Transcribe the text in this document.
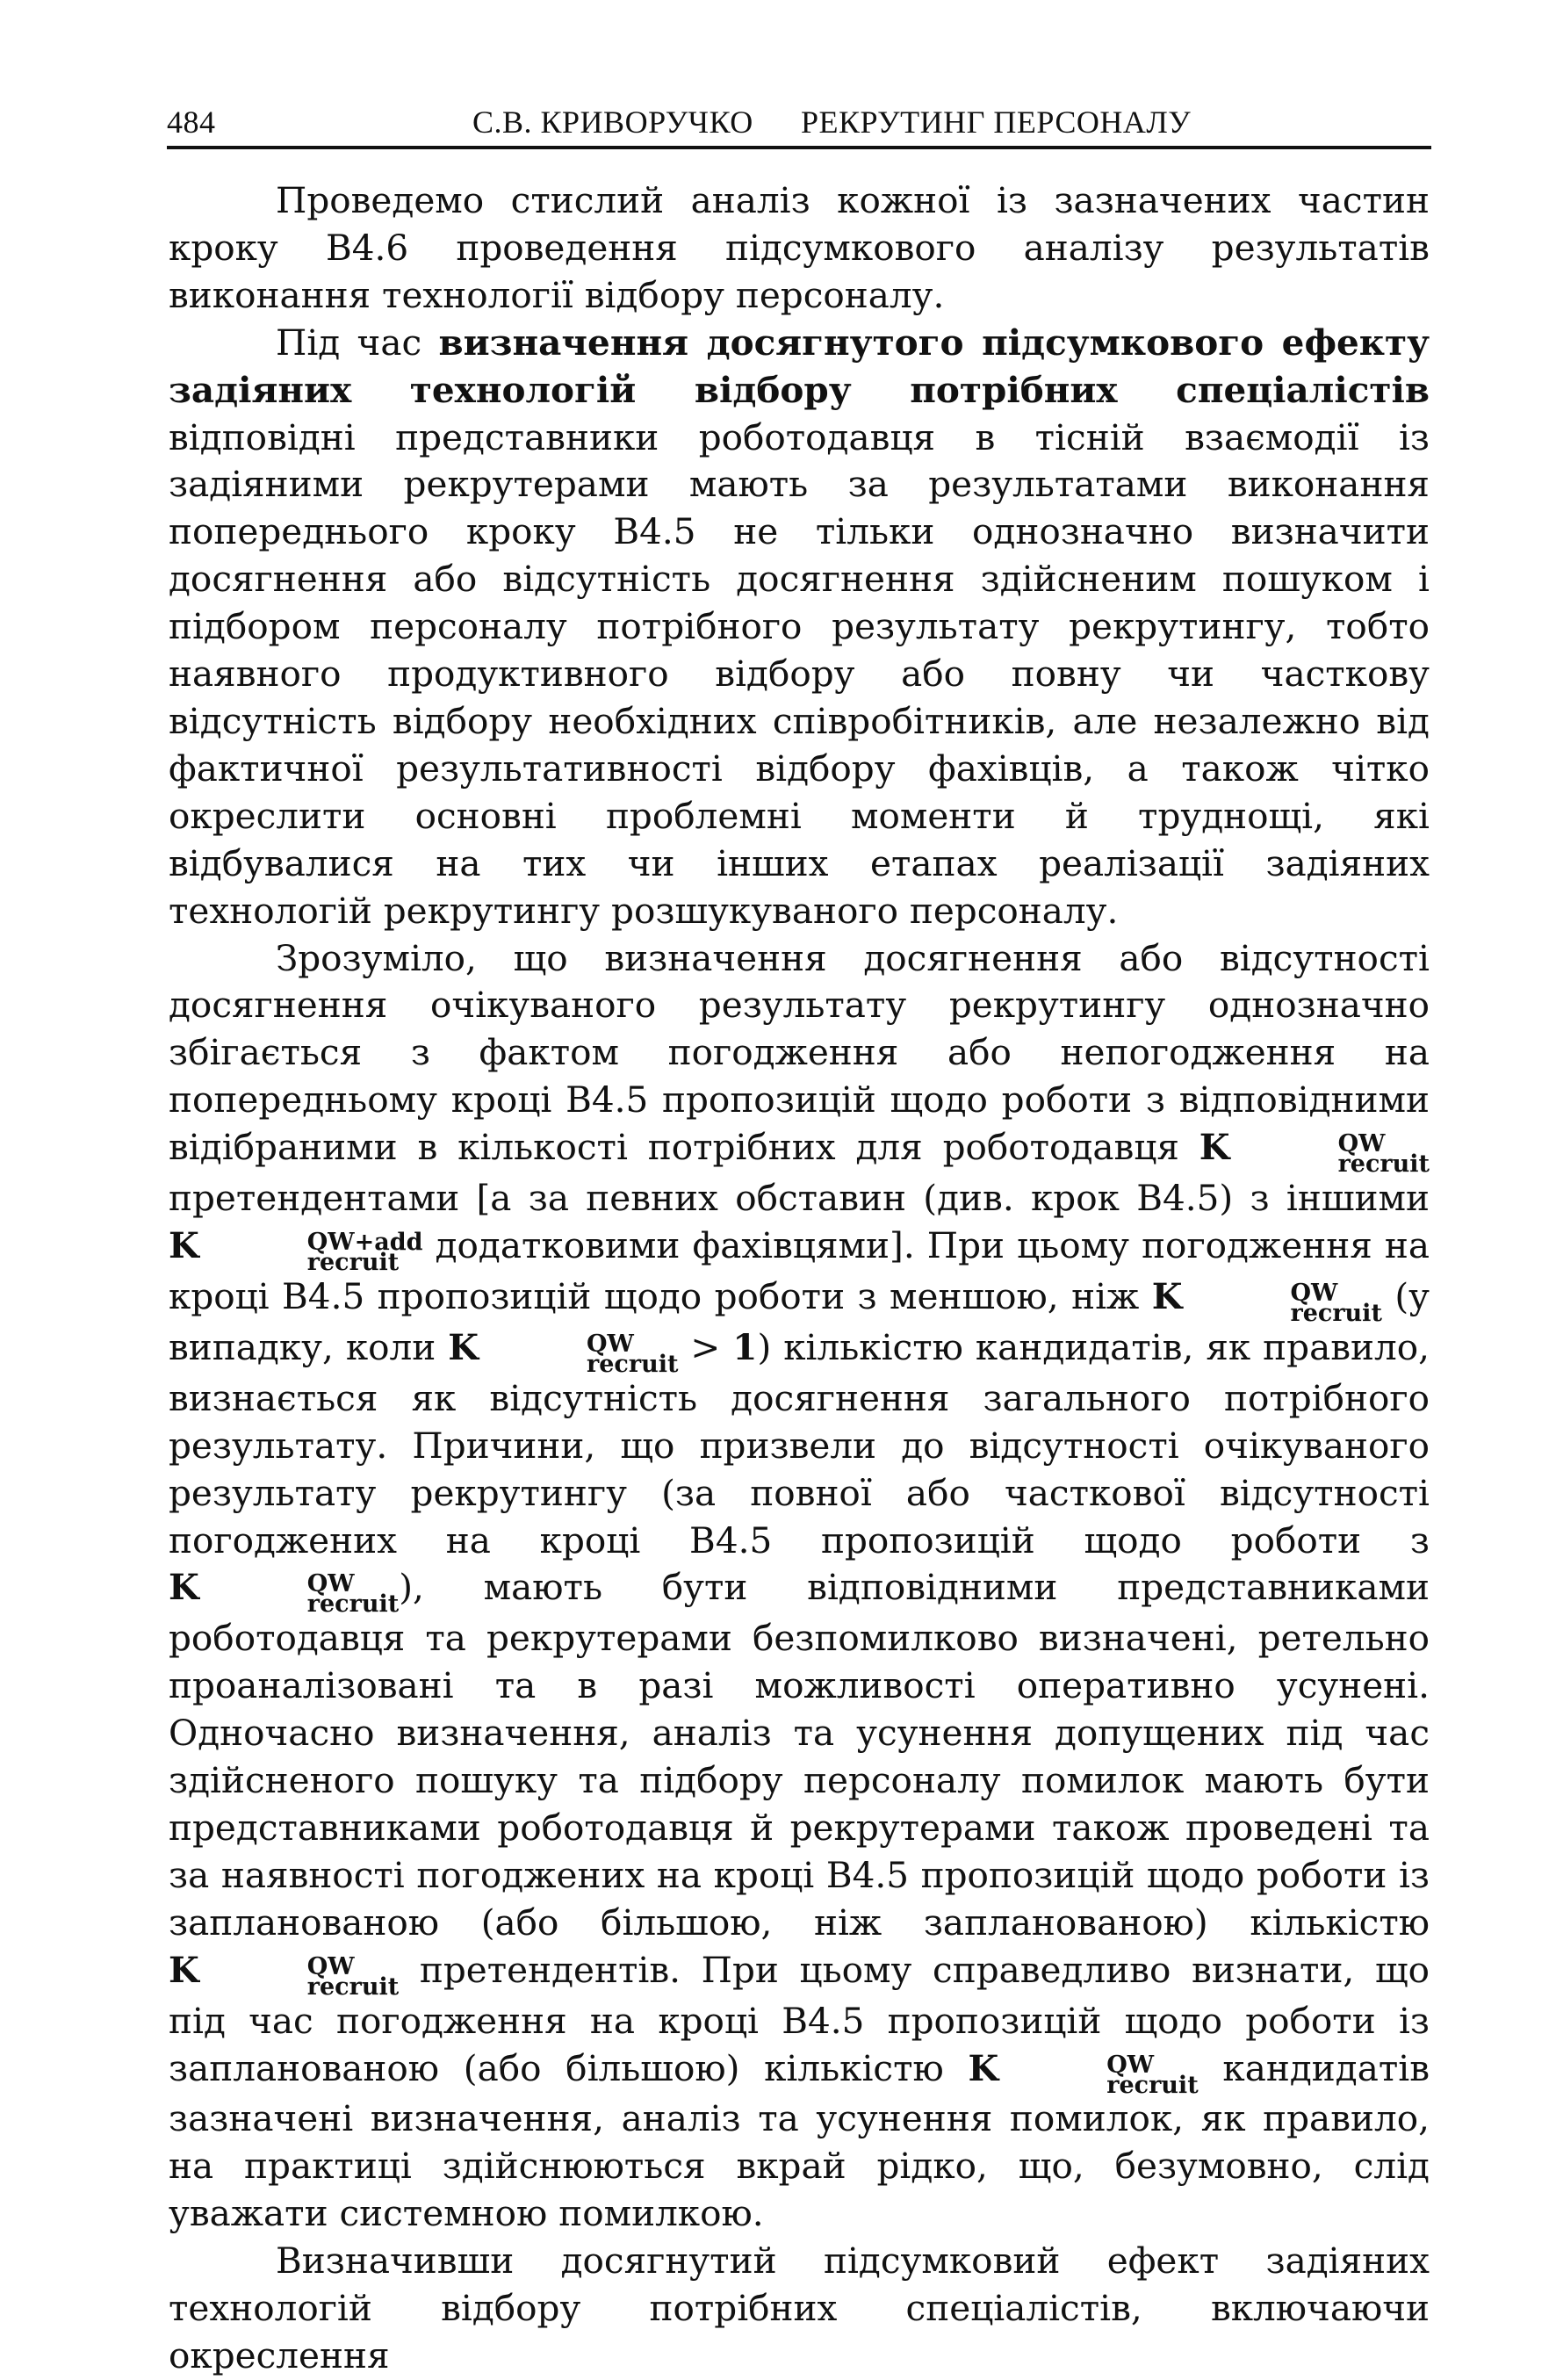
484	С.В. КРИВОРУЧКО РЕКРУТИНГ ПЕРСОНАЛУ

Проведемо стислий аналіз кожної із зазначених частин кроку В4.6 проведення підсумкового аналізу результатів виконання технології відбору персоналу.

Під час визначення досягнутого підсумкового ефекту задіяних технологій відбору потрібних спеціалістів відповідні представники роботодавця в тісній взаємодії із задіяними рекрутерами мають за результатами виконання попереднього кроку В4.5 не тільки однозначно визначити досягнення або відсутність досягнення здійсненим пошуком і підбором персоналу потрібного результату рекрутингу, тобто наявного продуктивного відбору або повну чи часткову відсутність відбору необхідних співробітників, але незалежно від фактичної результативності відбору фахівців, а також чітко окреслити основні проблемні моменти й труднощі, які відбувалися на тих чи інших етапах реалізації задіяних технологій рекрутингу розшукуваного персоналу.

Зрозуміло, що визначення досягнення або відсутності досягнення очікуваного результату рекрутингу однозначно збігається з фактом погодження або непогодження на попередньому кроці В4.5 пропозицій щодо роботи з відповідними відібраними в кількості потрібних для роботодавця K	QW
recruit
претендентами [а за певних обставин (див. крок В4.5) з іншими K	QW+add
recruit додатковими фахівцями]. При цьому погодження на кроці В4.5 пропозицій щодо роботи з меншою, ніж K	QW
recruit (у випадку, коли K	QW
recruit > 1) кількістю кандидатів, як правило, визнається як відсутність досягнення загального потрібного результату. Причини, що призвели до відсутності очікуваного результату рекрутингу (за повної або часткової відсутності погоджених на кроці В4.5 пропозицій щодо роботи з K	QW
recruit ), мають бути відповідними представниками роботодавця та рекрутерами безпомилково визначені, ретельно проаналізовані та в разі можливості оперативно усунені. Одночасно визначення, аналіз та усунення допущених під час здійсненого пошуку та підбору персоналу помилок мають бути представниками роботодавця й рекрутерами також проведені та за наявності погоджених на кроці В4.5 пропозицій щодо роботи із запланованою (або більшою, ніж запланованою) кількістю K	QW
recruit претендентів. При цьому справедливо визнати, що під час погодження на кроці В4.5 пропозицій щодо роботи із запланованою (або більшою) кількістю K	QW
recruit кандидатів зазначені визначення, аналіз та усунення помилок, як правило, на практиці здійснюються вкрай рідко, що, безумовно, слід уважати системною помилкою.

Визначивши досягнутий підсумковий ефект задіяних технологій відбору потрібних спеціалістів, включаючи окреслення
